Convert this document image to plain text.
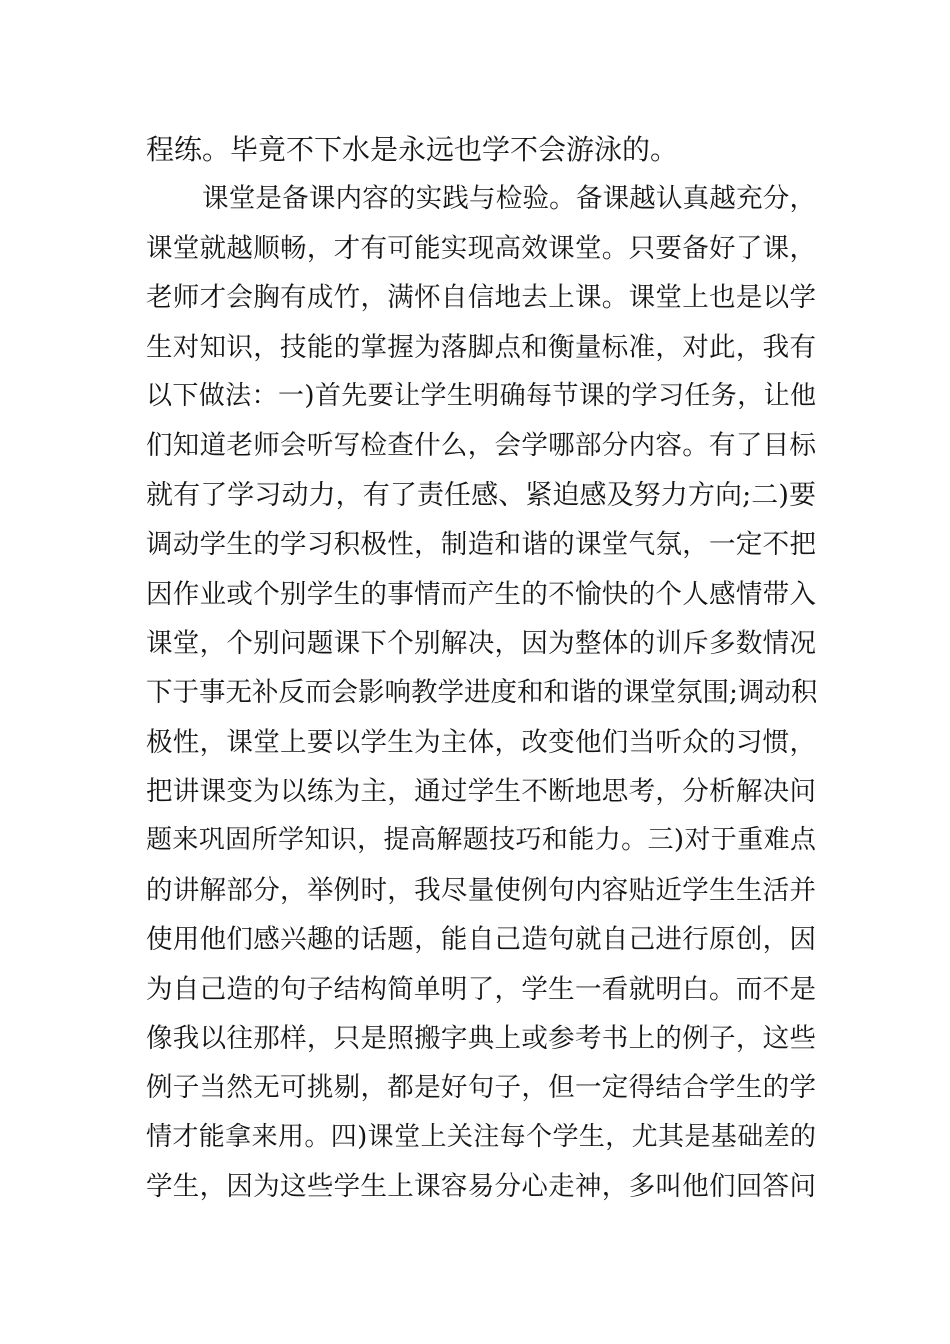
程练。毕竟不下水是永远也学不会游泳的。
课堂是备课内容的实践与检验。备课越认真越充分，
课堂就越顺畅，才有可能实现高效课堂。只要备好了课，
老师才会胸有成竹，满怀自信地去上课。课堂上也是以学
生对知识，技能的掌握为落脚点和衡量标准，对此，我有
以下做法：一)首先要让学生明确每节课的学习任务，让他
们知道老师会听写检查什么，会学哪部分内容。有了目标
就有了学习动力，有了责任感、紧迫感及努力方向;二)要
调动学生的学习积极性，制造和谐的课堂气氛，一定不把
因作业或个别学生的事情而产生的不愉快的个人感情带入
课堂，个别问题课下个别解决，因为整体的训斥多数情况
下于事无补反而会影响教学进度和和谐的课堂氛围;调动积
极性，课堂上要以学生为主体，改变他们当听众的习惯，
把讲课变为以练为主，通过学生不断地思考，分析解决问
题来巩固所学知识，提高解题技巧和能力。三)对于重难点
的讲解部分，举例时，我尽量使例句内容贴近学生生活并
使用他们感兴趣的话题，能自己造句就自己进行原创，因
为自己造的句子结构简单明了，学生一看就明白。而不是
像我以往那样，只是照搬字典上或参考书上的例子，这些
例子当然无可挑剔，都是好句子，但一定得结合学生的学
情才能拿来用。四)课堂上关注每个学生，尤其是基础差的
学生，因为这些学生上课容易分心走神，多叫他们回答问
